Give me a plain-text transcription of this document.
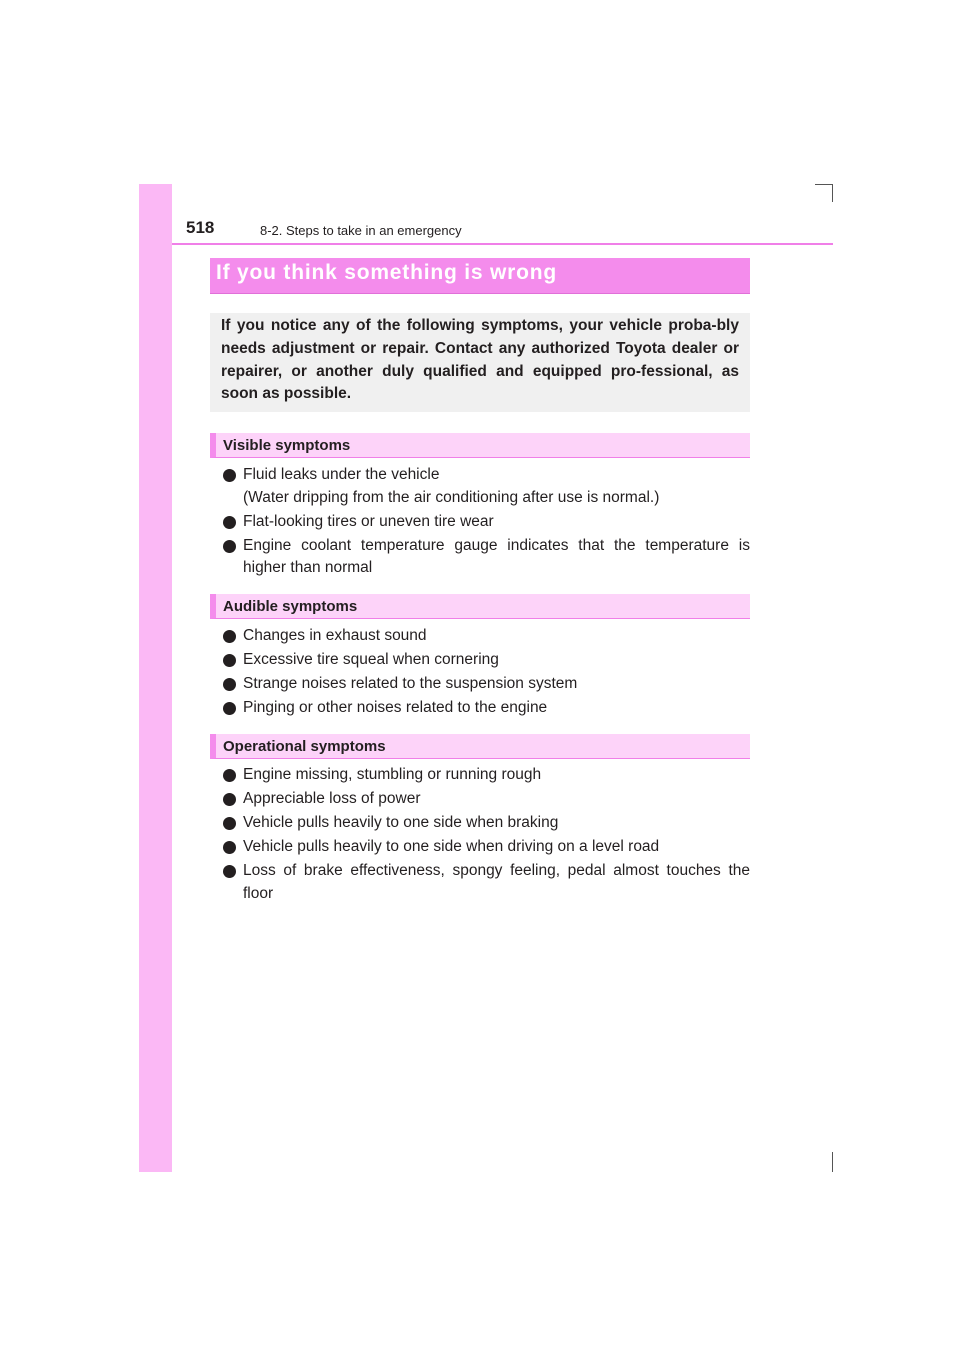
518	8-2. Steps to take in an emergency
If you think something is wrong
If you notice any of the following symptoms, your vehicle proba-bly needs adjustment or repair. Contact any authorized Toyota dealer or repairer, or another duly qualified and equipped pro-fessional, as soon as possible.
Visible symptoms
Fluid leaks under the vehicle
(Water dripping from the air conditioning after use is normal.)
Flat-looking tires or uneven tire wear
Engine coolant temperature gauge indicates that the temperature is higher than normal
Audible symptoms
Changes in exhaust sound
Excessive tire squeal when cornering
Strange noises related to the suspension system
Pinging or other noises related to the engine
Operational symptoms
Engine missing, stumbling or running rough
Appreciable loss of power
Vehicle pulls heavily to one side when braking
Vehicle pulls heavily to one side when driving on a level road
Loss of brake effectiveness, spongy feeling, pedal almost touches the floor
